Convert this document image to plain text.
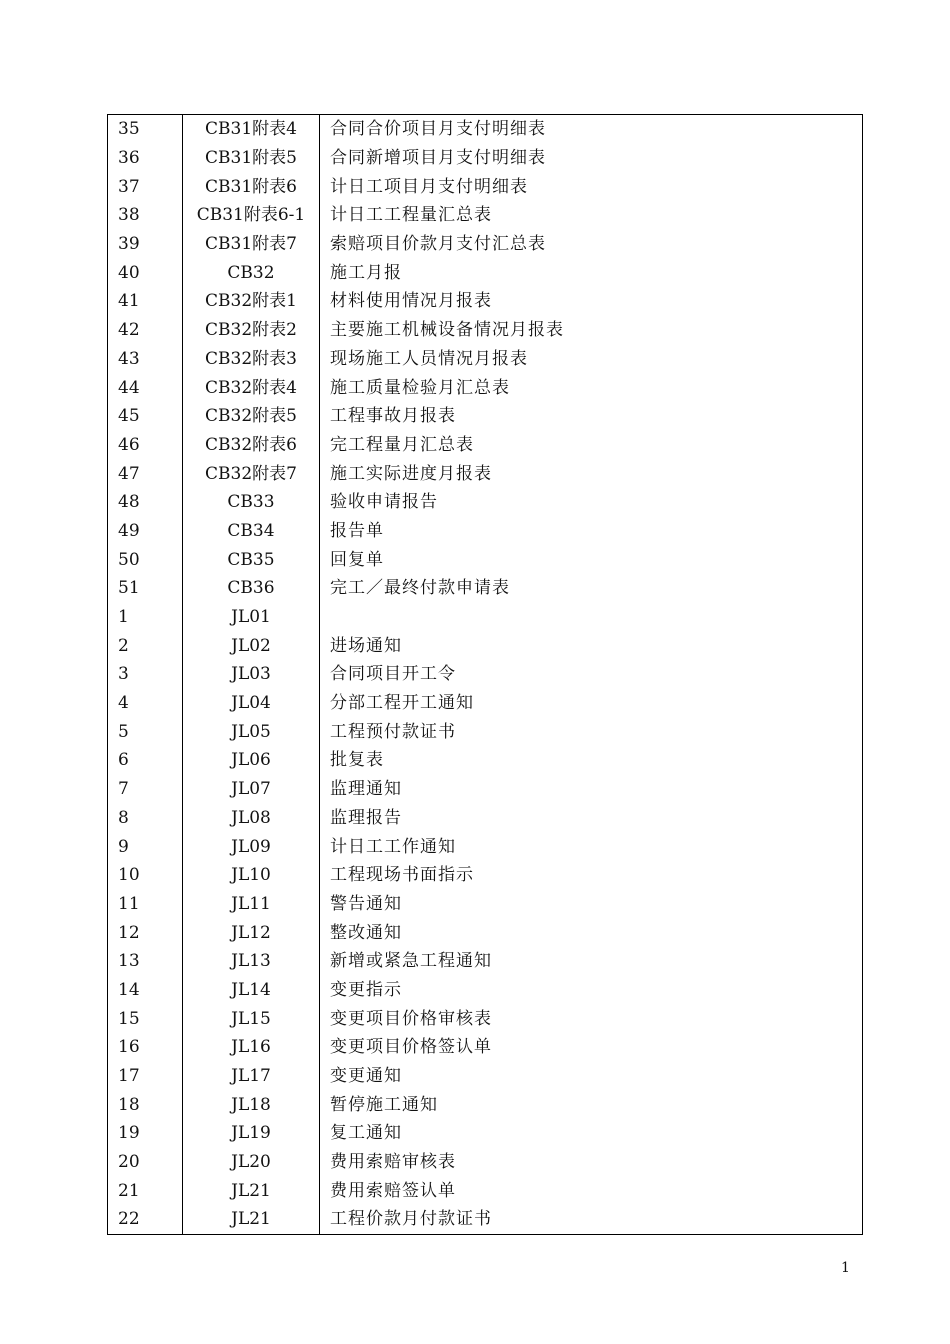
35	CB31附表4	合同合价项目月支付明细表
36	CB31附表5	合同新增项目月支付明细表
37	CB31附表6	计日工项目月支付明细表
38	CB31附表6-1	计日工工程量汇总表
39	CB31附表7	索赔项目价款月支付汇总表
40	CB32	施工月报
41	CB32附表1	材料使用情况月报表
42	CB32附表2	主要施工机械设备情况月报表
43	CB32附表3	现场施工人员情况月报表
44	CB32附表4	施工质量检验月汇总表
45	CB32附表5	工程事故月报表
46	CB32附表6	完工程量月汇总表
47	CB32附表7	施工实际进度月报表
48	CB33	验收申请报告
49	CB34	报告单
50	CB35	回复单
51	CB36	完工／最终付款申请表
1	JL01	
2	JL02	进场通知
3	JL03	合同项目开工令
4	JL04	分部工程开工通知
5	JL05	工程预付款证书
6	JL06	批复表
7	JL07	监理通知
8	JL08	监理报告
9	JL09	计日工工作通知
10	JL10	工程现场书面指示
11	JL11	警告通知
12	JL12	整改通知
13	JL13	新增或紧急工程通知
14	JL14	变更指示
15	JL15	变更项目价格审核表
16	JL16	变更项目价格签认单
17	JL17	变更通知
18	JL18	暂停施工通知
19	JL19	复工通知
20	JL20	费用索赔审核表
21	JL21	费用索赔签认单
22	JL21	工程价款月付款证书
1
